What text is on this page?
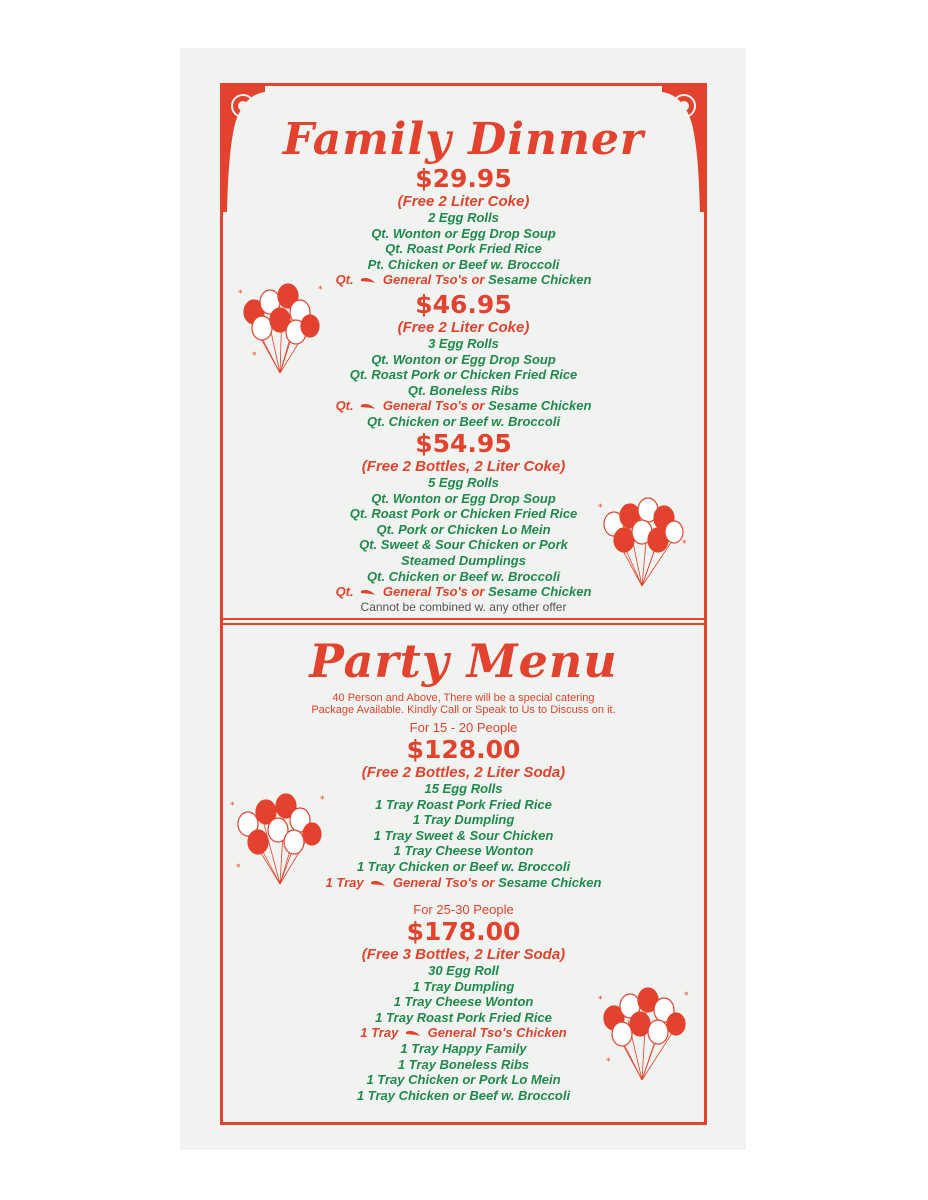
Family Dinner
$29.95
(Free 2 Liter Coke)
2 Egg Rolls
Qt. Wonton or Egg Drop Soup
Qt. Roast Pork Fried Rice
Pt. Chicken or Beef w. Broccoli
Qt. General Tso's or Sesame Chicken
$46.95
(Free 2 Liter Coke)
3 Egg Rolls
Qt. Wonton or Egg Drop Soup
Qt. Roast Pork or Chicken Fried Rice
Qt. Boneless Ribs
Qt. General Tso's or Sesame Chicken
Qt. Chicken or Beef w. Broccoli
$54.95
(Free 2 Bottles, 2 Liter Coke)
5 Egg Rolls
Qt. Wonton or Egg Drop Soup
Qt. Roast Pork or Chicken Fried Rice
Qt. Pork or Chicken Lo Mein
Qt. Sweet & Sour Chicken or Pork
Steamed Dumplings
Qt. Chicken or Beef w. Broccoli
Qt. General Tso's or Sesame Chicken
Cannot be combined w. any other offer
Party Menu
40 Person and Above, There will be a special catering
Package Available. Kindly Call or Speak to Us to Discuss on it.
For 15 - 20 People
$128.00
(Free 2 Bottles, 2 Liter Soda)
15 Egg Rolls
1 Tray Roast Pork Fried Rice
1 Tray Dumpling
1 Tray Sweet & Sour Chicken
1 Tray Cheese Wonton
1 Tray Chicken or Beef w. Broccoli
1 Tray General Tso's or Sesame Chicken
For 25-30 People
$178.00
(Free 3 Bottles, 2 Liter Soda)
30 Egg Roll
1 Tray Dumpling
1 Tray Cheese Wonton
1 Tray Roast Pork Fried Rice
1 Tray General Tso's Chicken
1 Tray Happy Family
1 Tray Boneless Ribs
1 Tray Chicken or Pork Lo Mein
1 Tray Chicken or Beef w. Broccoli
*	*
*
*
*
*
*
*
*	*
*
